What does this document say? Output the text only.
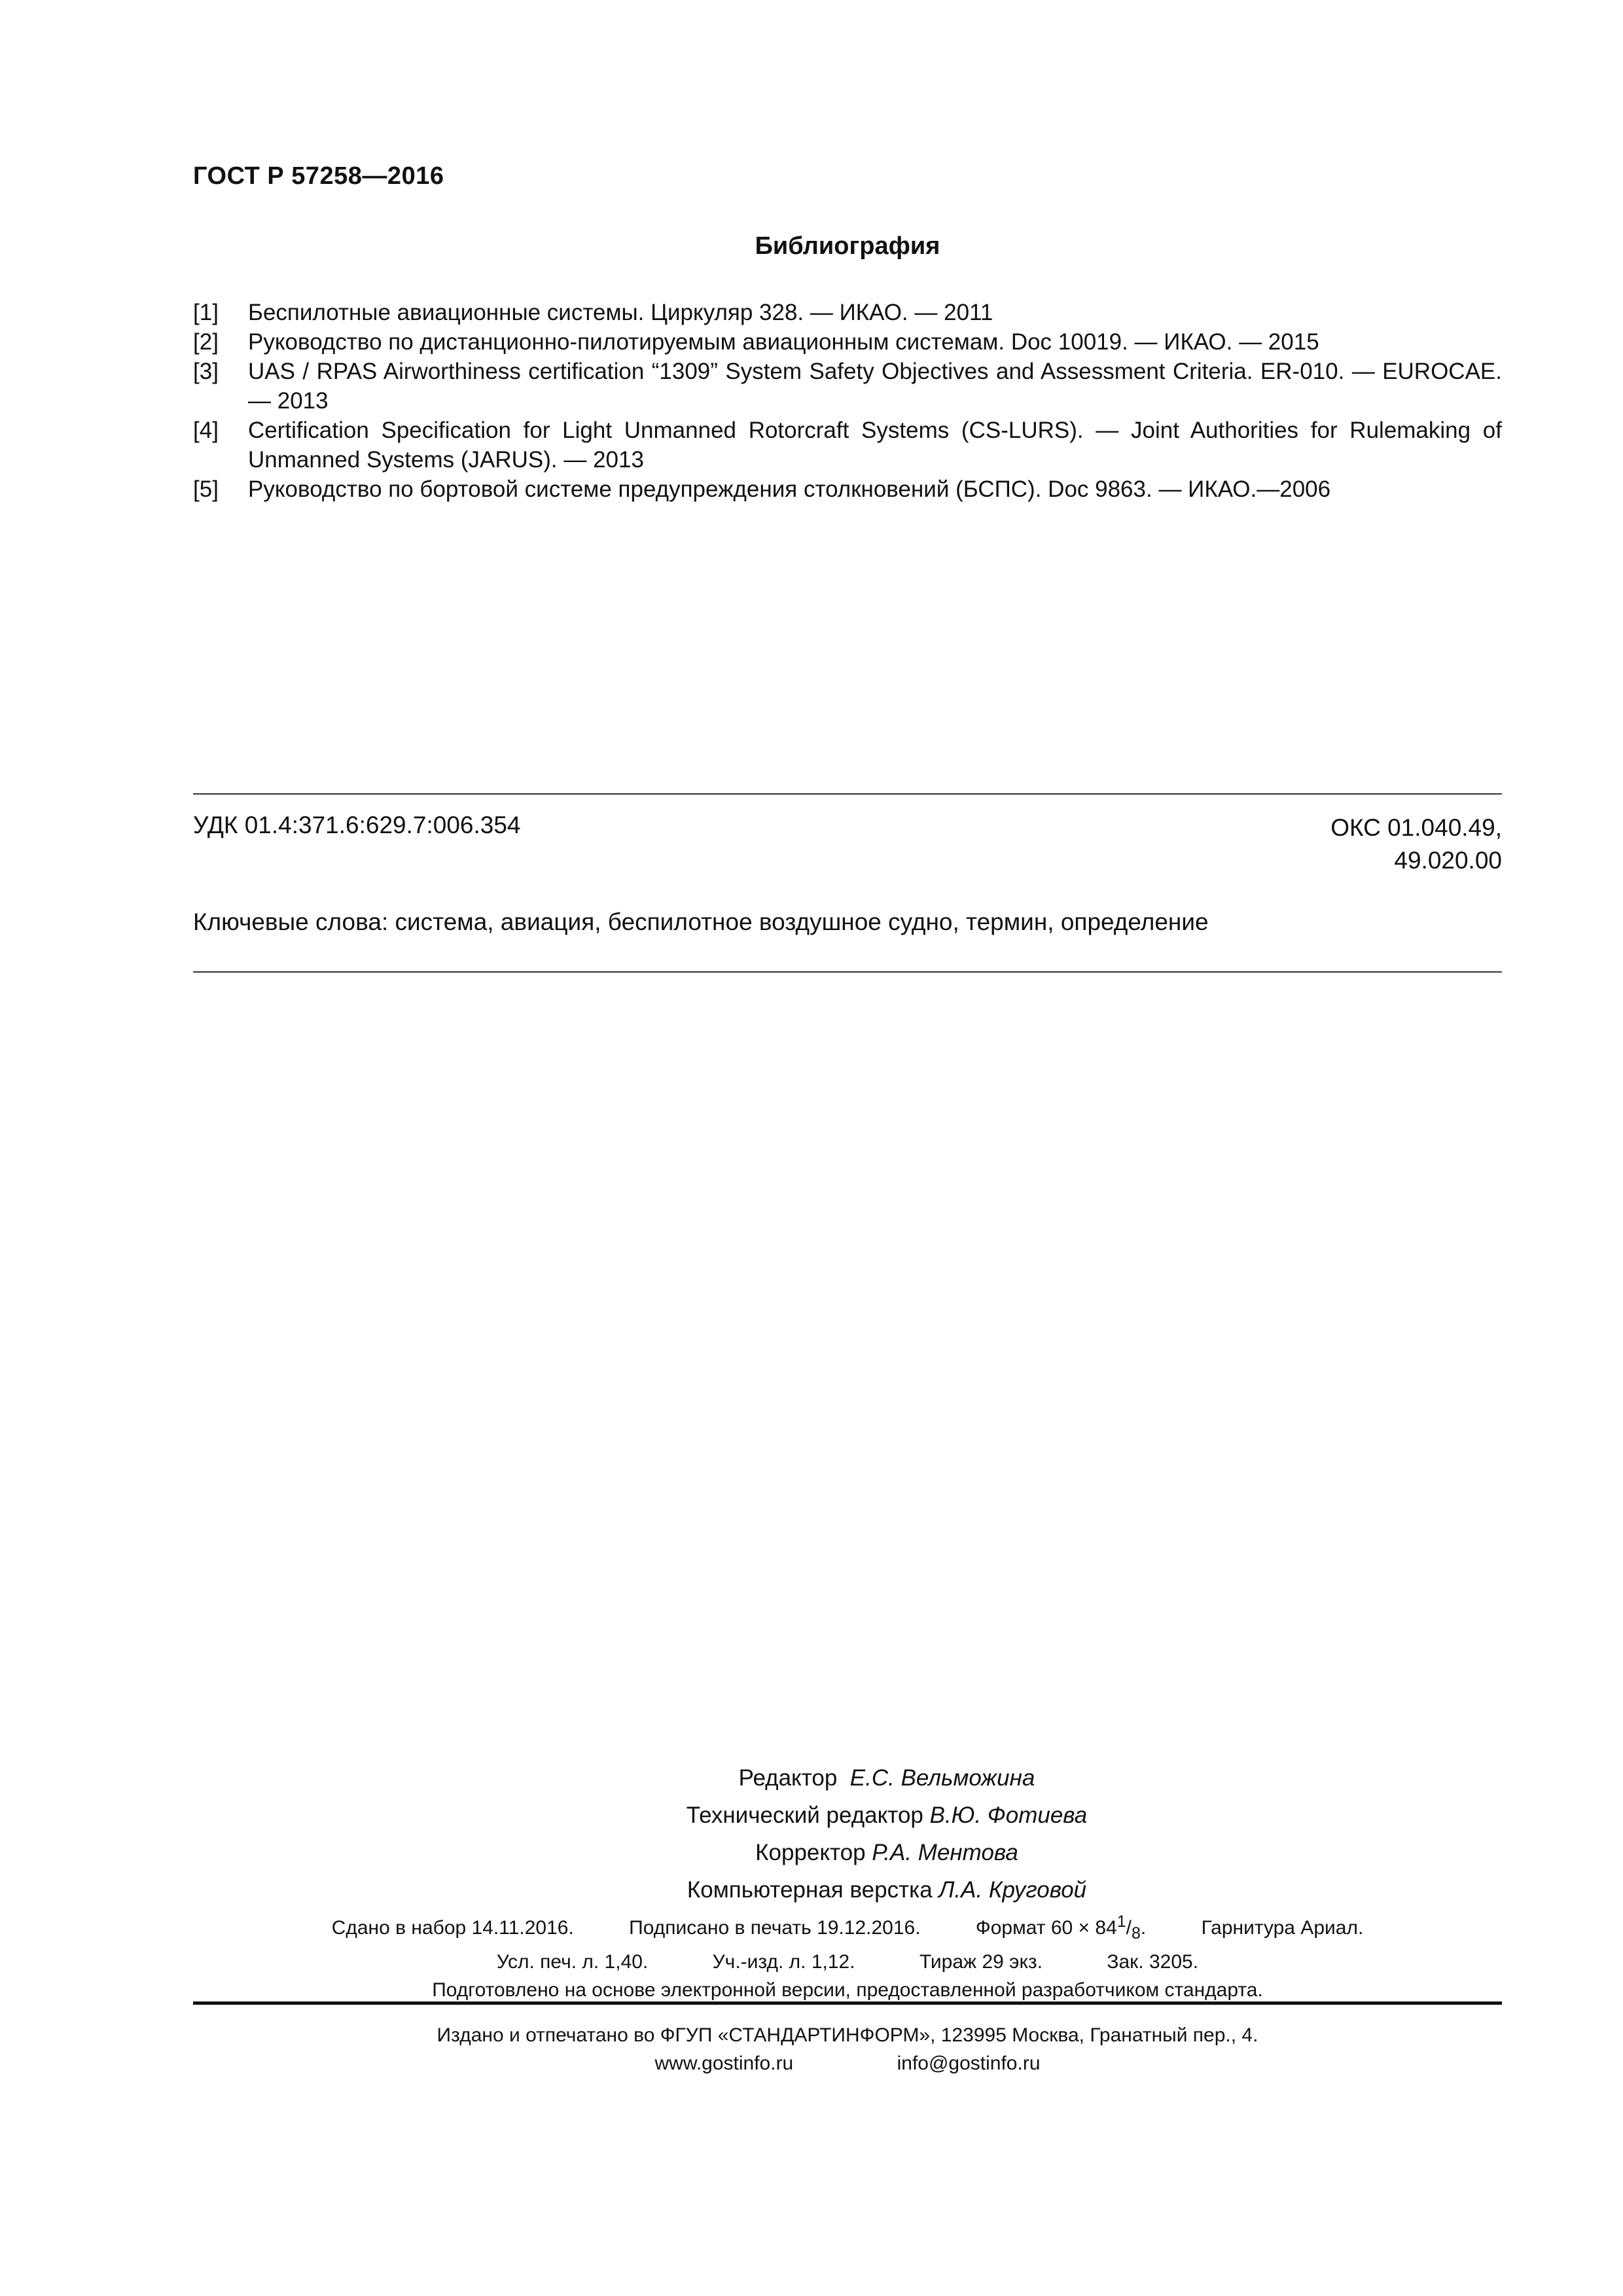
ГОСТ Р 57258—2016
Библиография
[1]	Беспилотные авиационные системы. Циркуляр 328. — ИКАО. — 2011
[2]	Руководство по дистанционно-пилотируемым авиационным системам. Doc 10019. — ИКАО. — 2015
[3]	UAS / RPAS Airworthiness certification “1309” System Safety Objectives and Assessment Criteria. ER-010. — EUROCAE. — 2013
[4]	Certification Specification for Light Unmanned Rotorcraft Systems (CS-LURS). — Joint Authorities for Rulemaking of Unmanned Systems (JARUS). — 2013
[5]	Руководство по бортовой системе предупреждения столкновений (БСПС). Doc 9863. — ИКАО.—2006
УДК 01.4:371.6:629.7:006.354	ОКС 01.040.49,
49.020.00
Ключевые слова: система, авиация, беспилотное воздушное судно, термин, определение
Редактор Е.С. Вельможина
Технический редактор В.Ю. Фотиева
Корректор Р.А. Ментова
Компьютерная верстка Л.А. Круговой
Сдано в набор 14.11.2016.	Подписано в печать 19.12.2016.	Формат $60 \times 84^1/_8$.	Гарнитура Ариал.
Усл. печ. л. 1,40.	Уч.-изд. л. 1,12.	Тираж 29 экз.	Зак. 3205.
Подготовлено на основе электронной версии, предоставленной разработчиком стандарта.
Издано и отпечатано во ФГУП «СТАНДАРТИНФОРМ», 123995 Москва, Гранатный пер., 4.
www.gostinfo.ru	info@gostinfo.ru
